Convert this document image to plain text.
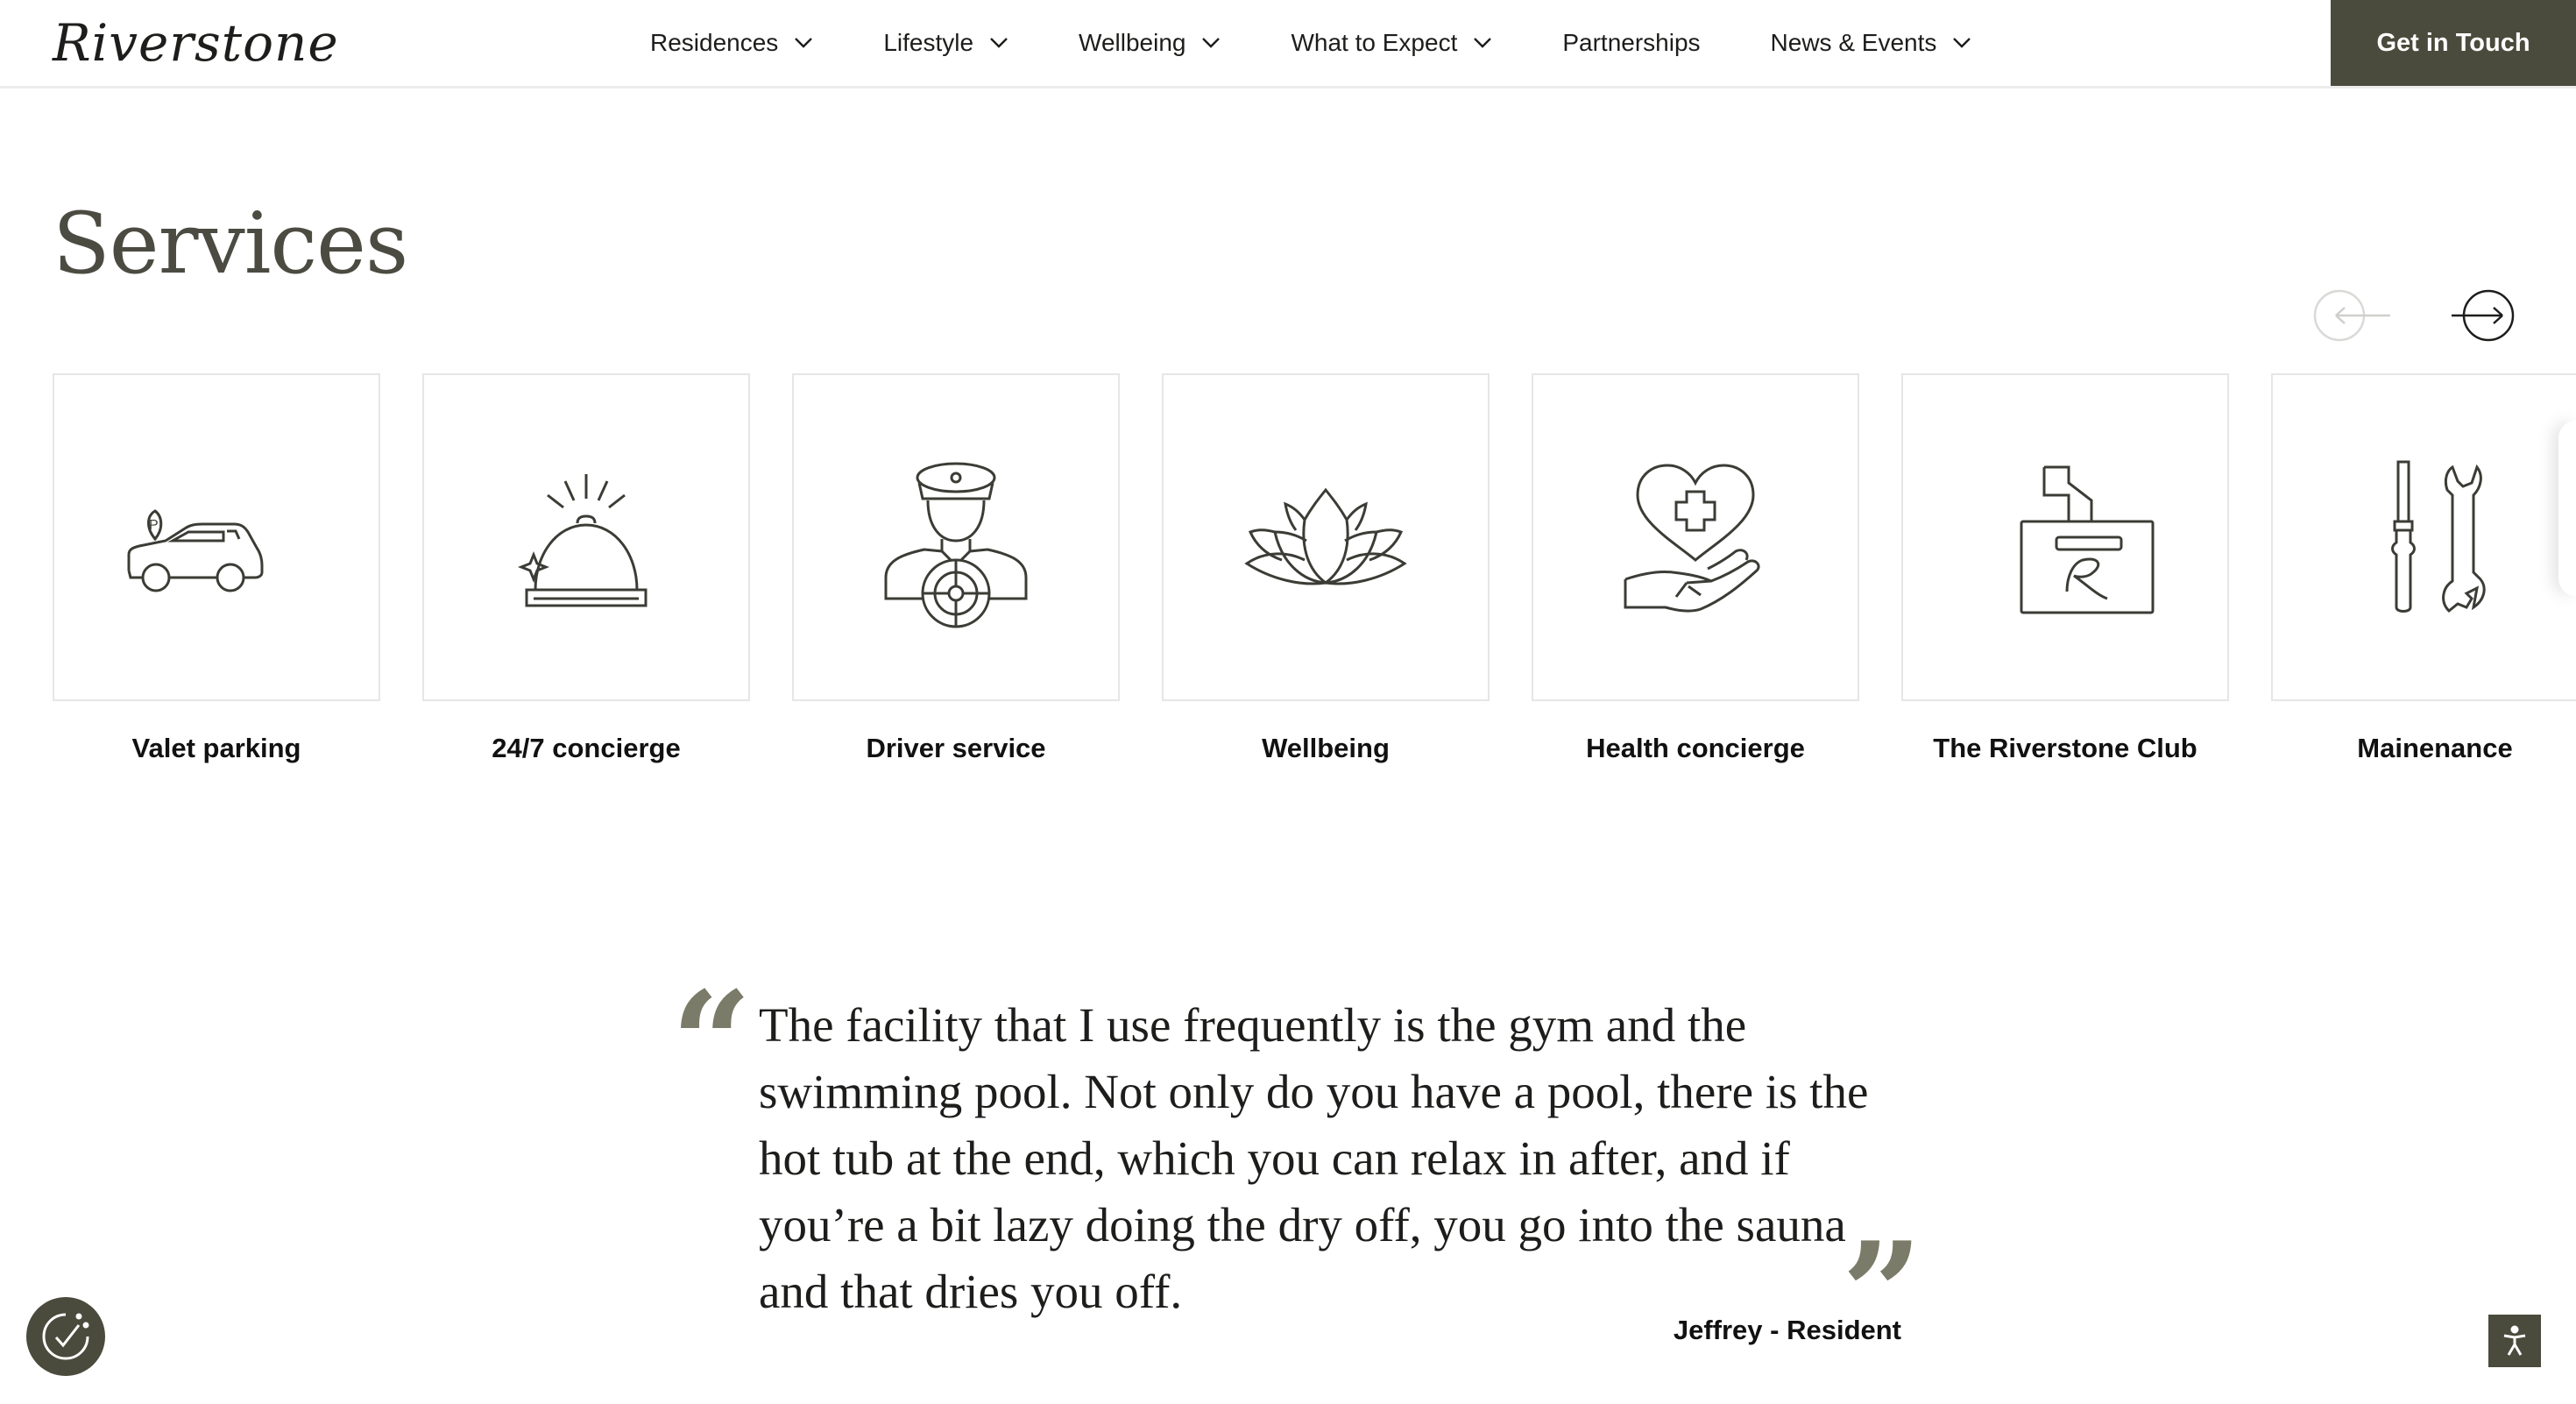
Riverstone	Residences	Lifestyle	Wellbeing	What to Expect	Partnerships	News & Events	Get in Touch
Services
P
Valet parking	24/7 concierge	Driver service	Wellbeing	Health concierge	The Riverstone Club	Mainenance
“ The facility that I use frequently is the gym and the swimming pool. Not only do you have a pool, there is the hot tub at the end, which you can relax in after, and if you’re a bit lazy doing the dry off, you go into the sauna and that dries you off.	”
Jeffrey - Resident
